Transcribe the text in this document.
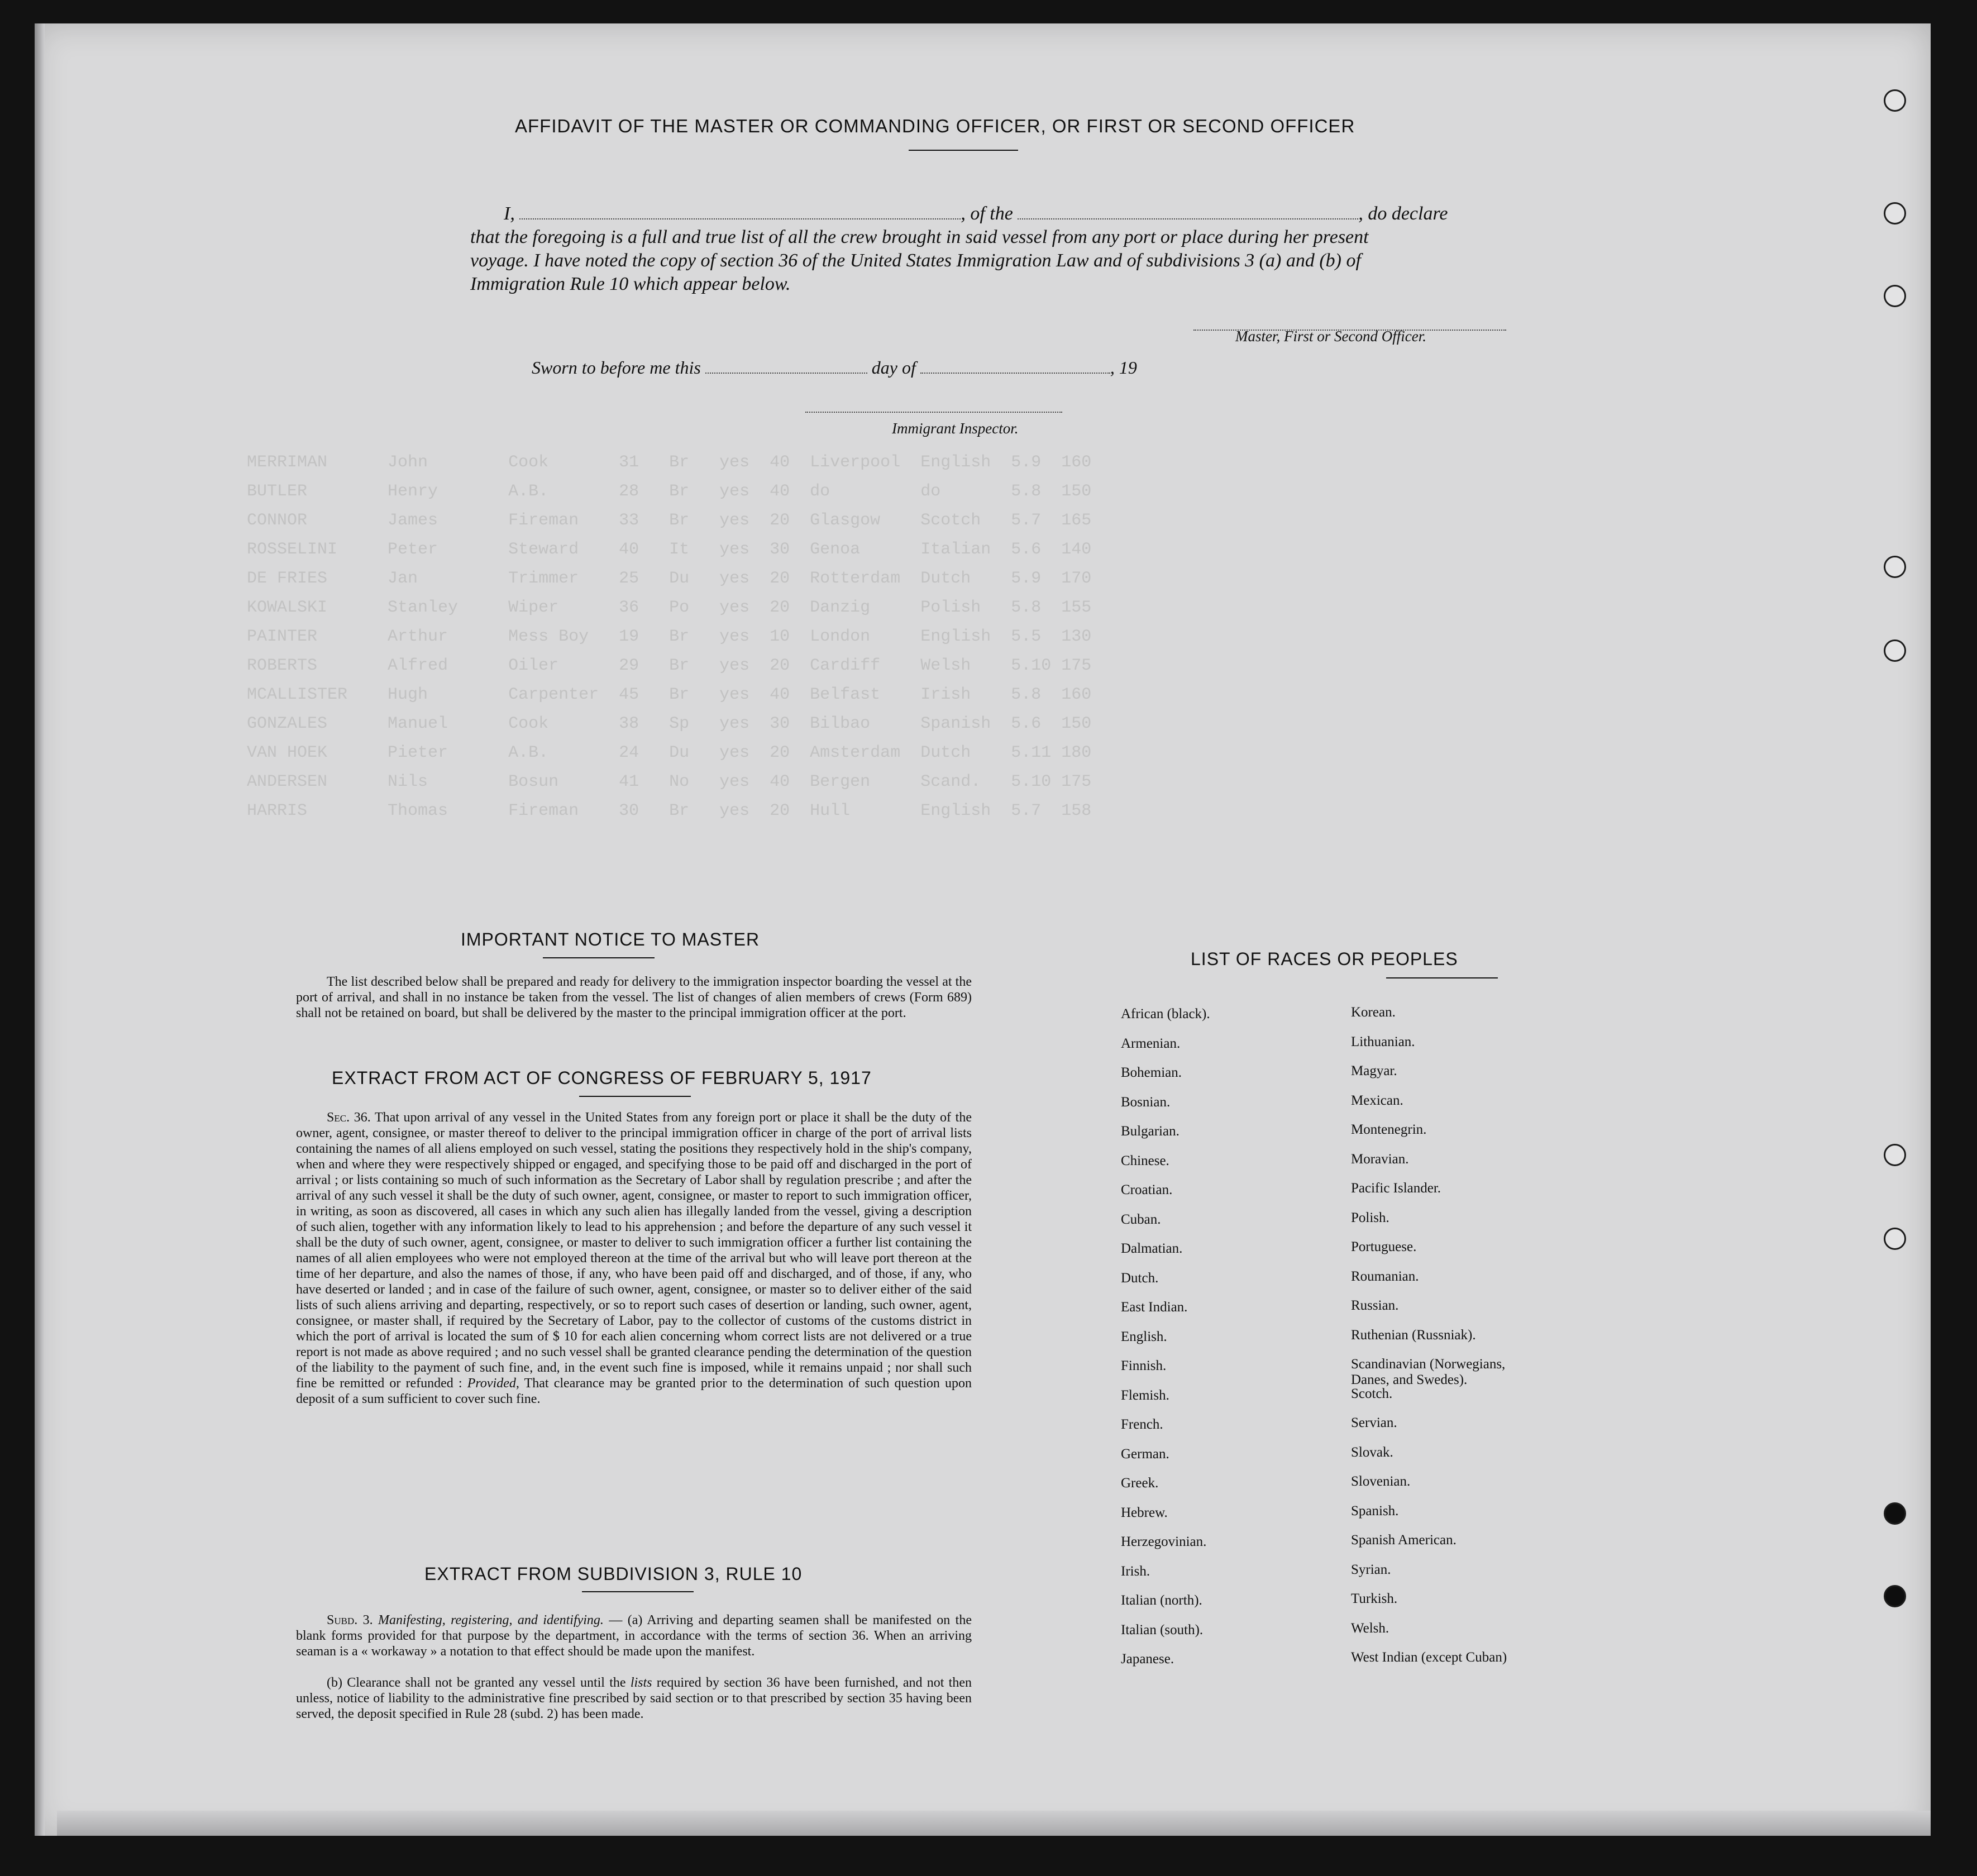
MERRIMAN      John        Cook       31   Br   yes  40  Liverpool  English  5.9  160
BUTLER        Henry       A.B.       28   Br   yes  40  do         do       5.8  150
CONNOR        James       Fireman    33   Br   yes  20  Glasgow    Scotch   5.7  165
ROSSELINI     Peter       Steward    40   It   yes  30  Genoa      Italian  5.6  140
DE FRIES      Jan         Trimmer    25   Du   yes  20  Rotterdam  Dutch    5.9  170
KOWALSKI      Stanley     Wiper      36   Po   yes  20  Danzig     Polish   5.8  155
PAINTER       Arthur      Mess Boy   19   Br   yes  10  London     English  5.5  130
ROBERTS       Alfred      Oiler      29   Br   yes  20  Cardiff    Welsh    5.10 175
MCALLISTER    Hugh        Carpenter  45   Br   yes  40  Belfast    Irish    5.8  160
GONZALES      Manuel      Cook       38   Sp   yes  30  Bilbao     Spanish  5.6  150
VAN HOEK      Pieter      A.B.       24   Du   yes  20  Amsterdam  Dutch    5.11 180
ANDERSEN      Nils        Bosun      41   No   yes  40  Bergen     Scand.   5.10 175
HARRIS        Thomas      Fireman    30   Br   yes  20  Hull       English  5.7  158
AFFIDAVIT OF THE MASTER OR COMMANDING OFFICER, OR FIRST OR SECOND OFFICER
I,	, of the	, do declare
that the foregoing is a full and true list of all the crew brought in said vessel from any port or place during her present
voyage. I have noted the copy of section 36 of the United States Immigration Law and of subdivisions 3 (a) and (b) of
Immigration Rule 10 which appear below.
Master, First or Second Officer.
Sworn to before me this	day of	, 19
Immigrant Inspector.
IMPORTANT NOTICE TO MASTER
The list described below shall be prepared and ready for delivery to the immigration inspector boarding the vessel at the port of arrival, and shall in no instance be taken from the vessel. The list of changes of alien members of crews (Form 689) shall not be retained on board, but shall be delivered by the master to the principal immigration officer at the port.
EXTRACT FROM ACT OF CONGRESS OF FEBRUARY 5, 1917
Sec. 36. That upon arrival of any vessel in the United States from any foreign port or place it shall be the duty of the owner, agent, consignee, or master thereof to deliver to the principal immigration officer in charge of the port of arrival lists containing the names of all aliens employed on such vessel, stating the positions they respectively hold in the ship's company, when and where they were respectively shipped or engaged, and specifying those to be paid off and discharged in the port of arrival ; or lists containing so much of such information as the Secretary of Labor shall by regulation prescribe ; and after the arrival of any such vessel it shall be the duty of such owner, agent, consignee, or master to report to such immigration officer, in writing, as soon as discovered, all cases in which any such alien has illegally landed from the vessel, giving a description of such alien, together with any information likely to lead to his apprehension ; and before the departure of any such vessel it shall be the duty of such owner, agent, consignee, or master to deliver to such immigration officer a further list containing the names of all alien employees who were not employed thereon at the time of the arrival but who will leave port thereon at the time of her departure, and also the names of those, if any, who have been paid off and discharged, and of those, if any, who have deserted or landed ; and in case of the failure of such owner, agent, consignee, or master so to deliver either of the said lists of such aliens arriving and departing, respectively, or so to report such cases of desertion or landing, such owner, agent, consignee, or master shall, if required by the Secretary of Labor, pay to the collector of customs of the customs district in which the port of arrival is located the sum of $ 10 for each alien concerning whom correct lists are not delivered or a true report is not made as above required ; and no such vessel shall be granted clearance pending the determination of the question of the liability to the payment of such fine, and, in the event such fine is imposed, while it remains unpaid ; nor shall such fine be remitted or refunded : Provided, That clearance may be granted prior to the determination of such question upon deposit of a sum sufficient to cover such fine.
EXTRACT FROM SUBDIVISION 3, RULE 10
Subd. 3. Manifesting, registering, and identifying. — (a) Arriving and departing seamen shall be manifested on the blank forms provided for that purpose by the department, in accordance with the terms of section 36. When an arriving seaman is a « workaway » a notation to that effect should be made upon the manifest.
(b) Clearance shall not be granted any vessel until the lists required by section 36 have been furnished, and not then unless, notice of liability to the administrative fine prescribed by said section or to that prescribed by section 35 having been served, the deposit specified in Rule 28 (subd. 2) has been made.
LIST OF RACES OR PEOPLES
African (black).
Armenian.
Bohemian.
Bosnian.
Bulgarian.
Chinese.
Croatian.
Cuban.
Dalmatian.
Dutch.
East Indian.
English.
Finnish.
Flemish.
French.
German.
Greek.
Hebrew.
Herzegovinian.
Irish.
Italian (north).
Italian (south).
Japanese.
Korean.
Lithuanian.
Magyar.
Mexican.
Montenegrin.
Moravian.
Pacific Islander.
Polish.
Portuguese.
Roumanian.
Russian.
Ruthenian (Russniak).
Scandinavian (Norwegians, Danes, and Swedes).
Scotch.
Servian.
Slovak.
Slovenian.
Spanish.
Spanish American.
Syrian.
Turkish.
Welsh.
West Indian (except Cuban)
